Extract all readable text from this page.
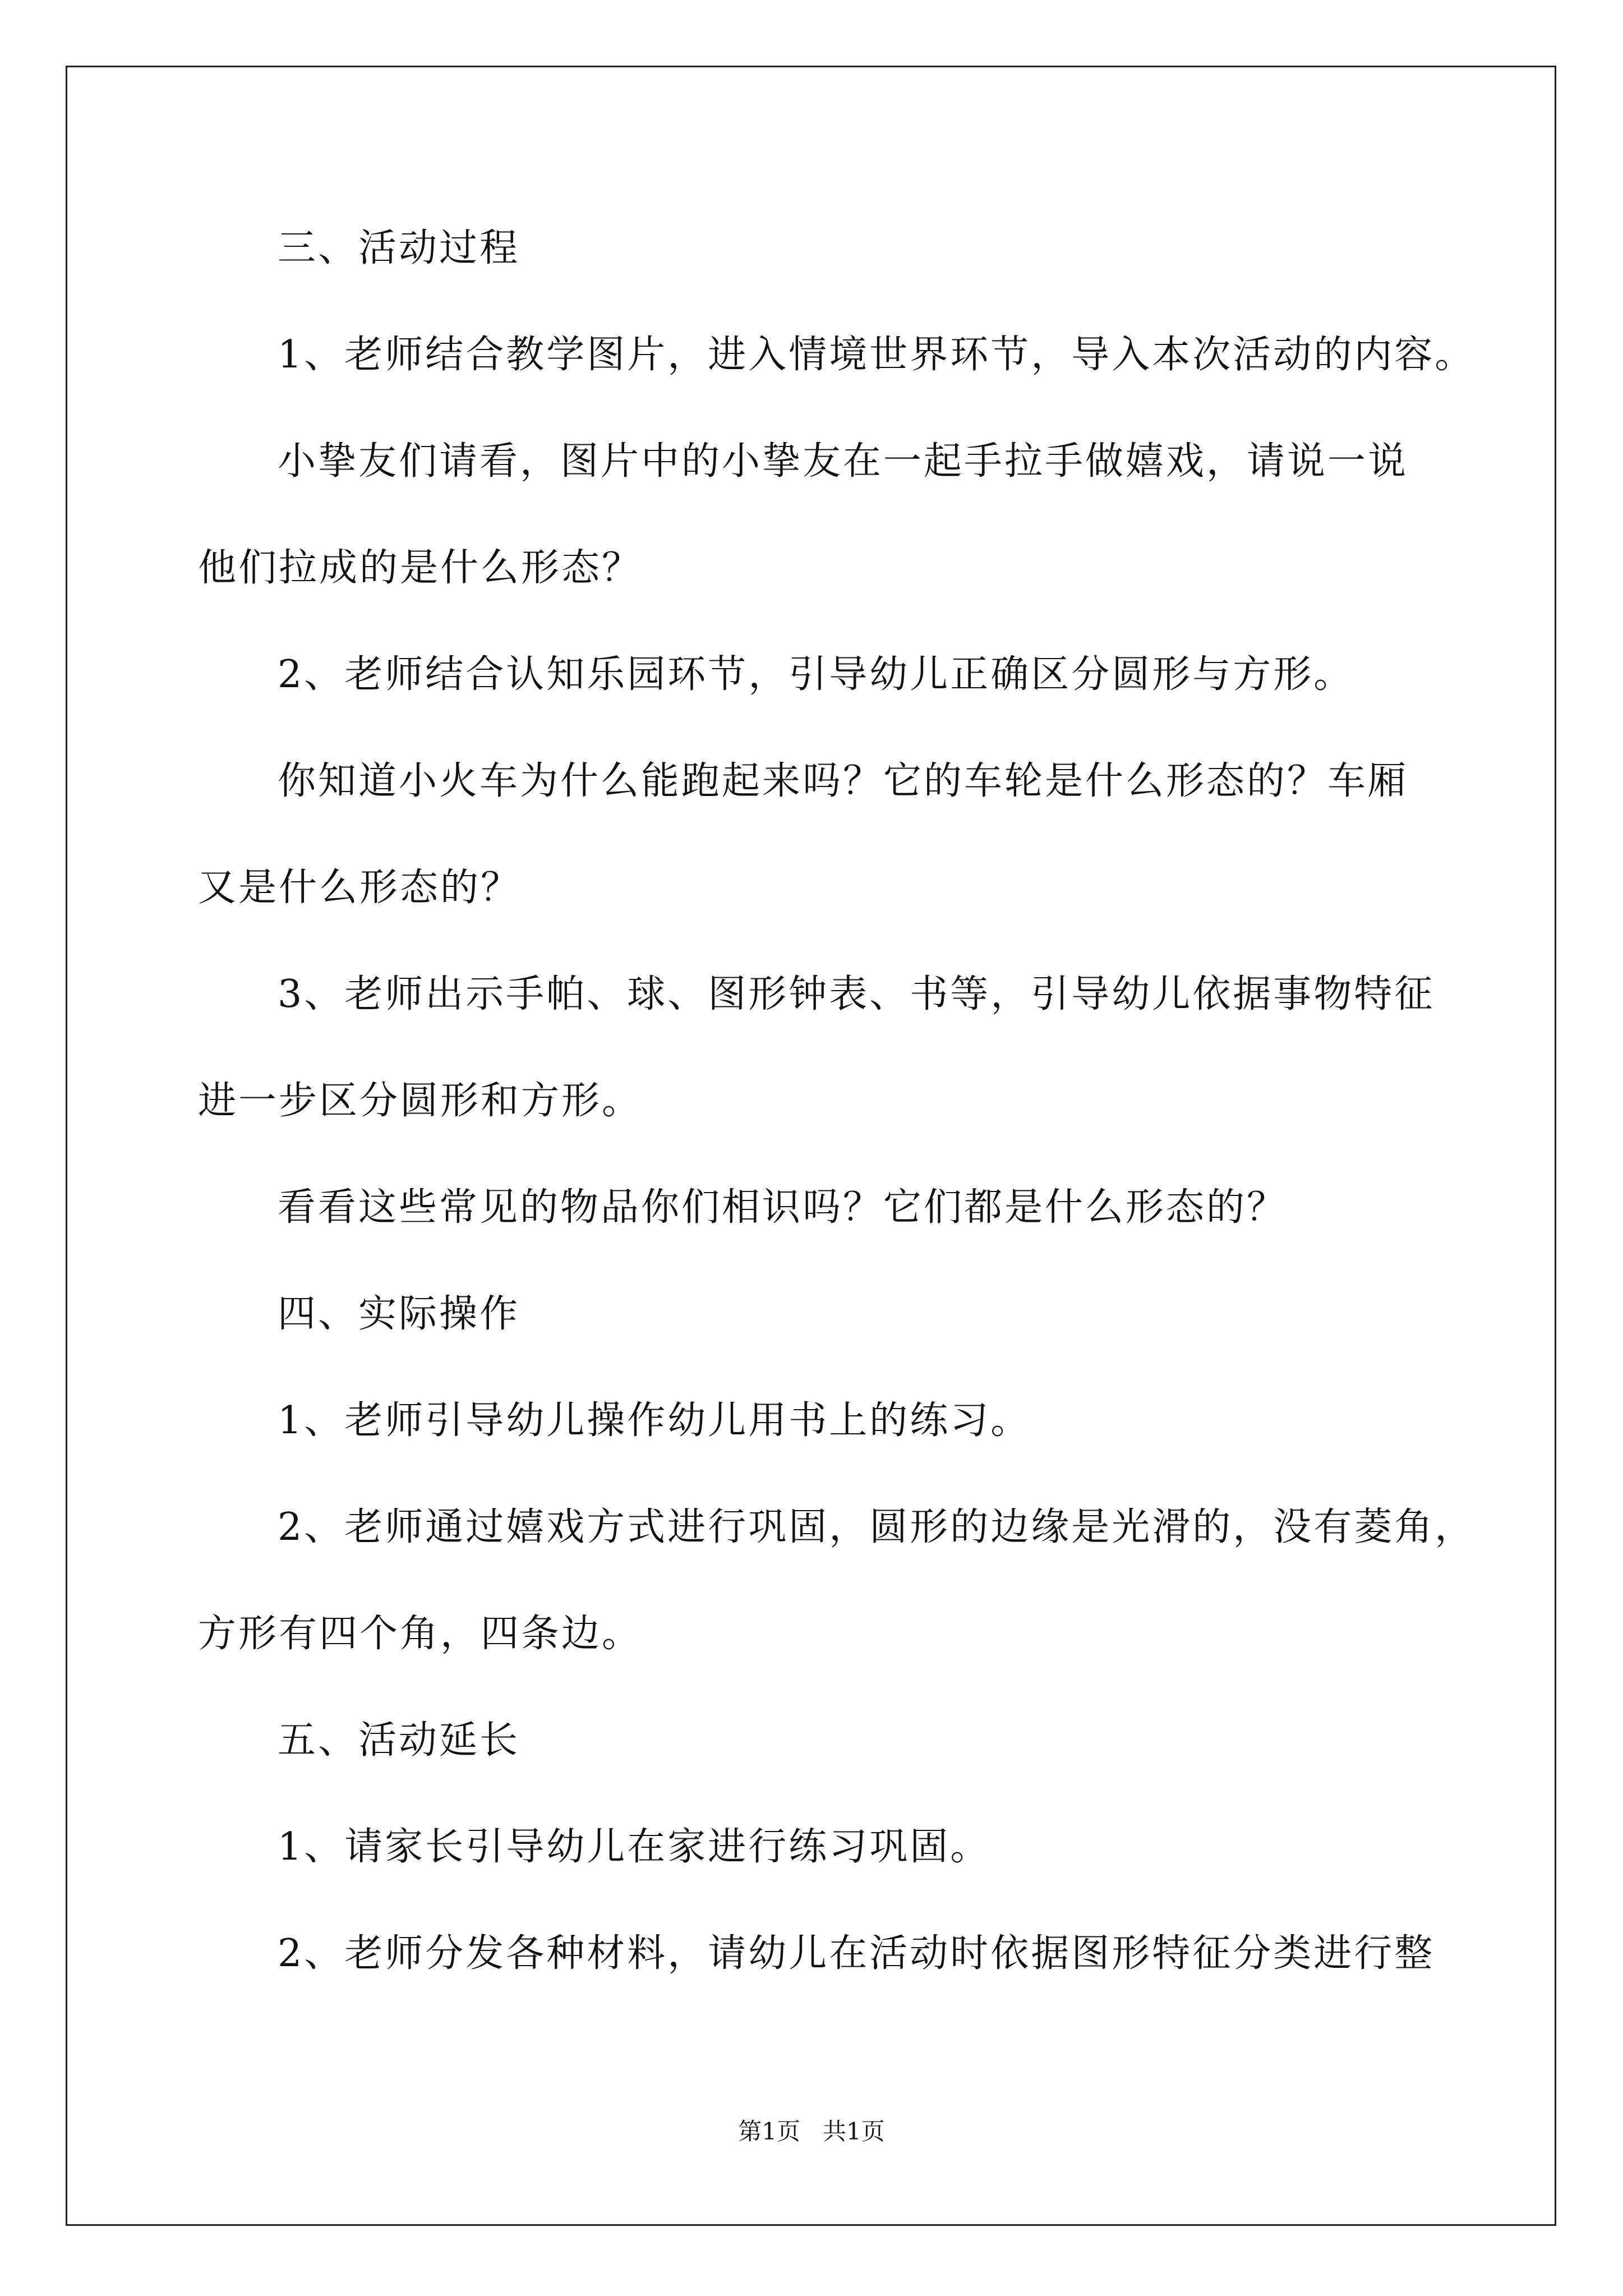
三、活动过程
1、老师结合教学图片，进入情境世界环节，导入本次活动的内容。
小挚友们请看，图片中的小挚友在一起手拉手做嬉戏，请说一说
他们拉成的是什么形态？
2、老师结合认知乐园环节，引导幼儿正确区分圆形与方形。
你知道小火车为什么能跑起来吗？它的车轮是什么形态的？车厢
又是什么形态的？
3、老师出示手帕、球、图形钟表、书等，引导幼儿依据事物特征
进一步区分圆形和方形。
看看这些常见的物品你们相识吗？它们都是什么形态的？
四、实际操作
1、老师引导幼儿操作幼儿用书上的练习。
2、老师通过嬉戏方式进行巩固，圆形的边缘是光滑的，没有菱角，
方形有四个角，四条边。
五、活动延长
1、请家长引导幼儿在家进行练习巩固。
2、老师分发各种材料，请幼儿在活动时依据图形特征分类进行整
第1页   共1页
